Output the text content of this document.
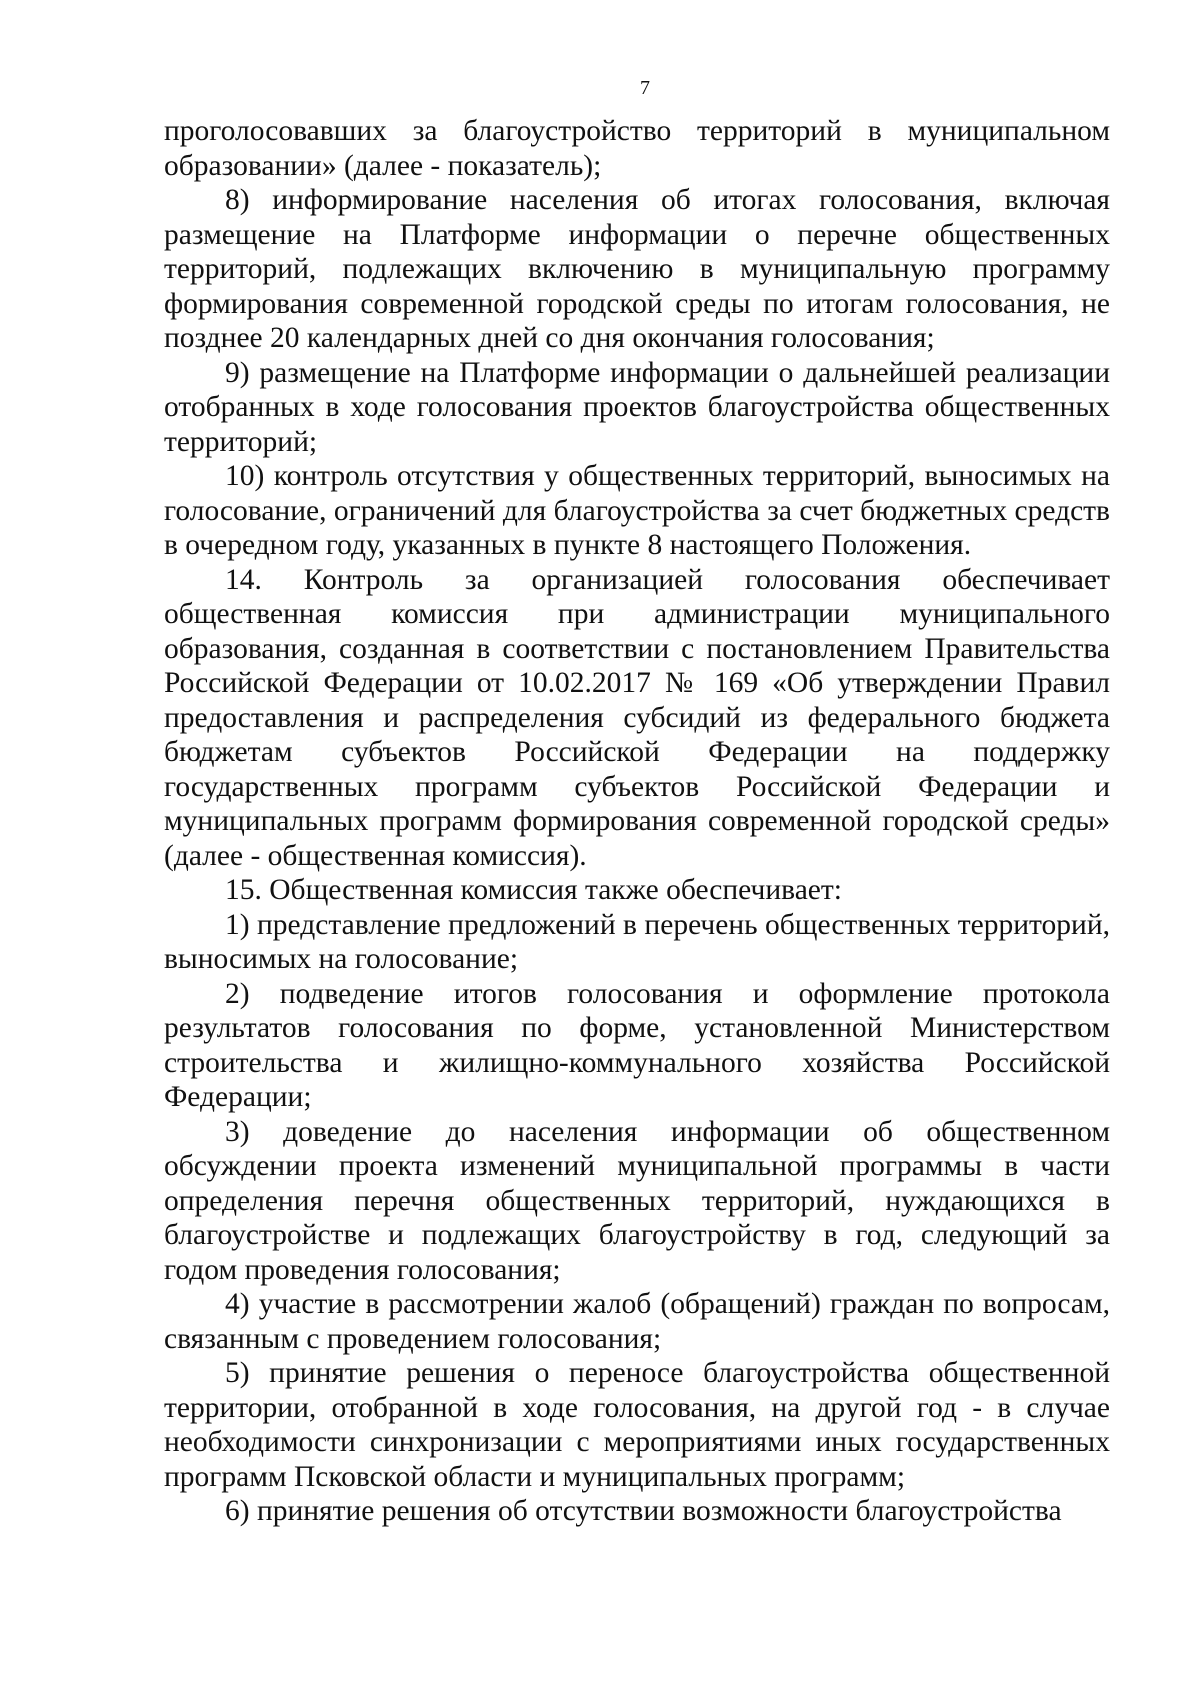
7

проголосовавших за благоустройство территорий в муниципальном образовании» (далее - показатель);

8) информирование населения об итогах голосования, включая размещение на Платформе информации о перечне общественных территорий, подлежащих включению в муниципальную программу формирования современной городской среды по итогам голосования, не позднее 20 календарных дней со дня окончания голосования;

9) размещение на Платформе информации о дальнейшей реализации отобранных в ходе голосования проектов благоустройства общественных территорий;

10) контроль отсутствия у общественных территорий, выносимых на голосование, ограничений для благоустройства за счет бюджетных средств в очередном году, указанных в пункте 8 настоящего Положения.

14. Контроль за организацией голосования обеспечивает общественная комиссия при администрации муниципального образования, созданная в соответствии с постановлением Правительства Российской Федерации от 10.02.2017 № 169 «Об утверждении Правил предоставления и распределения субсидий из федерального бюджета бюджетам субъектов Российской Федерации на поддержку государственных программ субъектов Российской Федерации и муниципальных программ формирования современной городской среды» (далее - общественная комиссия).

15. Общественная комиссия также обеспечивает:

1) представление предложений в перечень общественных территорий, выносимых на голосование;

2) подведение итогов голосования и оформление протокола результатов голосования по форме, установленной Министерством строительства и жилищно-коммунального хозяйства Российской Федерации;

3) доведение до населения информации об общественном обсуждении проекта изменений муниципальной программы в части определения перечня общественных территорий, нуждающихся в благоустройстве и подлежащих благоустройству в год, следующий за годом проведения голосования;

4) участие в рассмотрении жалоб (обращений) граждан по вопросам, связанным с проведением голосования;

5) принятие решения о переносе благоустройства общественной территории, отобранной в ходе голосования, на другой год - в случае необходимости синхронизации с мероприятиями иных государственных программ Псковской области и муниципальных программ;

6) принятие решения об отсутствии возможности благоустройства
